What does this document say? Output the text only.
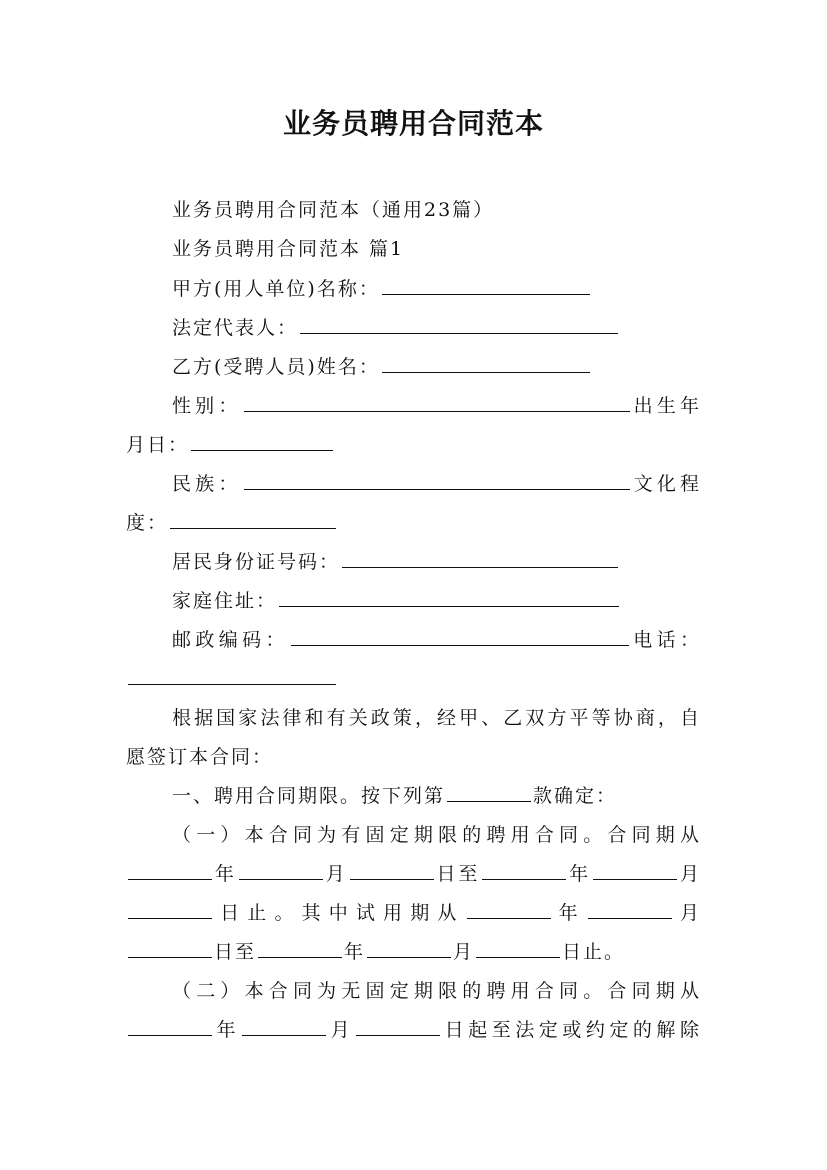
业务员聘用合同范本
业务员聘用合同范本（通用23篇）
业务员聘用合同范本 篇1
甲方(用人单位)名称：
法定代表人：
乙方(受聘人员)姓名：
性别：	出生年
月日：
民族：	文化程
度：
居民身份证号码：
家庭住址：
邮政编码：	电话：
根据国家法律和有关政策，经甲、乙双方平等协商，自
愿签订本合同：
一、聘用合同期限。按下列第	款确定：
（一）本合同为有固定期限的聘用合同。合同期从
年	月	日至	年	月
日止。其中试用期从	年	月
日至	年	月	日止。
（二）本合同为无固定期限的聘用合同。合同期从
年	月	日起至法定或约定的解除
